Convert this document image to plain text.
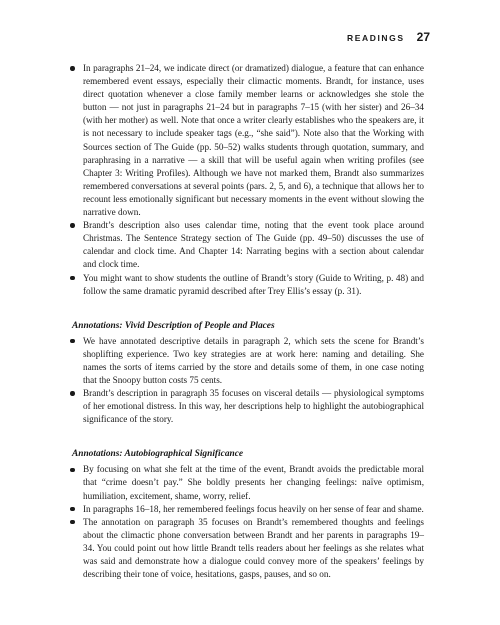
READINGS 27
In paragraphs 21–24, we indicate direct (or dramatized) dialogue, a feature that can enhance remembered event essays, especially their climactic moments. Brandt, for instance, uses direct quotation whenever a close family member learns or acknowledges she stole the button — not just in paragraphs 21–24 but in paragraphs 7–15 (with her sister) and 26–34 (with her mother) as well. Note that once a writer clearly establishes who the speakers are, it is not necessary to include speaker tags (e.g., “she said”). Note also that the Working with Sources section of The Guide (pp. 50–52) walks students through quotation, summary, and paraphrasing in a narrative — a skill that will be useful again when writing profiles (see Chapter 3: Writing Profiles). Although we have not marked them, Brandt also summarizes remembered conversations at several points (pars. 2, 5, and 6), a technique that allows her to recount less emotionally significant but necessary moments in the event without slowing the narrative down.
Brandt’s description also uses calendar time, noting that the event took place around Christmas. The Sentence Strategy section of The Guide (pp. 49–50) discusses the use of calendar and clock time. And Chapter 14: Narrating begins with a section about calendar and clock time.
You might want to show students the outline of Brandt’s story (Guide to Writing, p. 48) and follow the same dramatic pyramid described after Trey Ellis’s essay (p. 31).
Annotations: Vivid Description of People and Places
We have annotated descriptive details in paragraph 2, which sets the scene for Brandt’s shoplifting experience. Two key strategies are at work here: naming and detailing. She names the sorts of items carried by the store and details some of them, in one case noting that the Snoopy button costs 75 cents.
Brandt’s description in paragraph 35 focuses on visceral details — physiological symptoms of her emotional distress. In this way, her descriptions help to highlight the autobiographical significance of the story.
Annotations: Autobiographical Significance
By focusing on what she felt at the time of the event, Brandt avoids the predictable moral that “crime doesn’t pay.” She boldly presents her changing feelings: naïve optimism, humiliation, excitement, shame, worry, relief.
In paragraphs 16–18, her remembered feelings focus heavily on her sense of fear and shame.
The annotation on paragraph 35 focuses on Brandt’s remembered thoughts and feelings about the climactic phone conversation between Brandt and her parents in paragraphs 19–34. You could point out how little Brandt tells readers about her feelings as she relates what was said and demonstrate how a dialogue could convey more of the speakers’ feelings by describing their tone of voice, hesitations, gasps, pauses, and so on.
